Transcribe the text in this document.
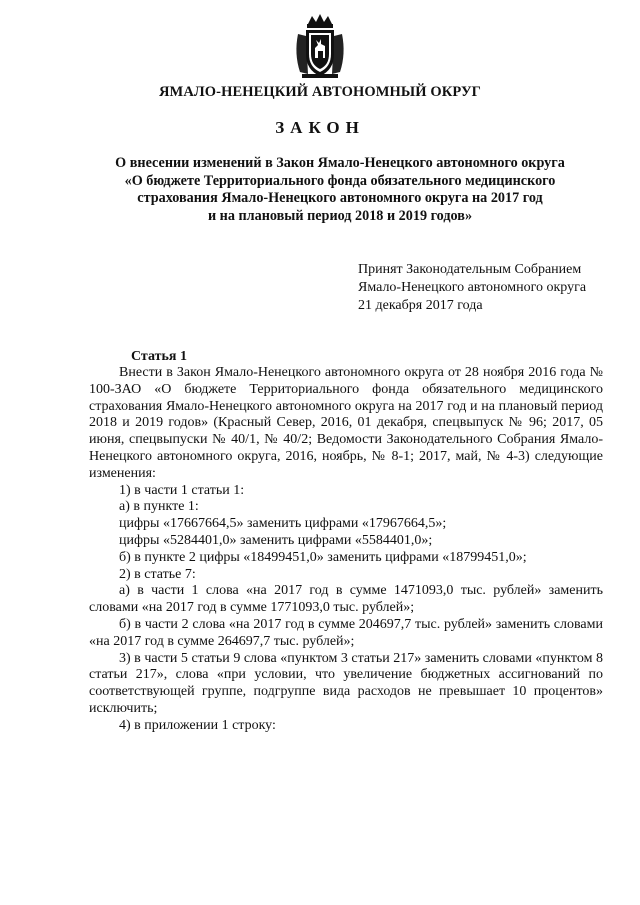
ЯМАЛО-НЕНЕЦКИЙ АВТОНОМНЫЙ ОКРУГ
ЗАКОН
О внесении изменений в Закон Ямало-Ненецкого автономного округа
«О бюджете Территориального фонда обязательного медицинского
страхования Ямало-Ненецкого автономного округа на 2017 год
и на плановый период 2018 и 2019 годов»
Принят Законодательным Собранием
Ямало-Ненецкого автономного округа
21 декабря 2017 года
Статья 1

Внести в Закон Ямало-Ненецкого автономного округа от 28 ноября 2016 года № 100-ЗАО «О бюджете Территориального фонда обязательного медицинского страхования Ямало-Ненецкого автономного округа на 2017 год и на плановый период 2018 и 2019 годов» (Красный Север, 2016, 01 декабря, спецвыпуск № 96; 2017, 05 июня, спецвыпуски № 40/1, № 40/2; Ведомости Законодательного Собрания Ямало-Ненецкого автономного округа, 2016, ноябрь, № 8-1; 2017, май, № 4-3) следующие изменения:

1) в части 1 статьи 1:

а) в пункте 1:

цифры «17667664,5» заменить цифрами «17967664,5»;

цифры «5284401,0» заменить цифрами «5584401,0»;

б) в пункте 2 цифры «18499451,0» заменить цифрами «18799451,0»;

2) в статье 7:

а) в части 1 слова «на 2017 год в сумме 1471093,0 тыс. рублей» заменить словами «на 2017 год в сумме 1771093,0 тыс. рублей»;

б) в части 2 слова «на 2017 год в сумме 204697,7 тыс. рублей» заменить словами «на 2017 год в сумме 264697,7 тыс. рублей»;

3) в части 5 статьи 9 слова «пунктом 3 статьи 217» заменить словами «пунктом 8 статьи 217», слова «при условии, что увеличение бюджетных ассигнований по соответствующей группе, подгруппе вида расходов не превышает 10 процентов» исключить;

4) в приложении 1 строку:
